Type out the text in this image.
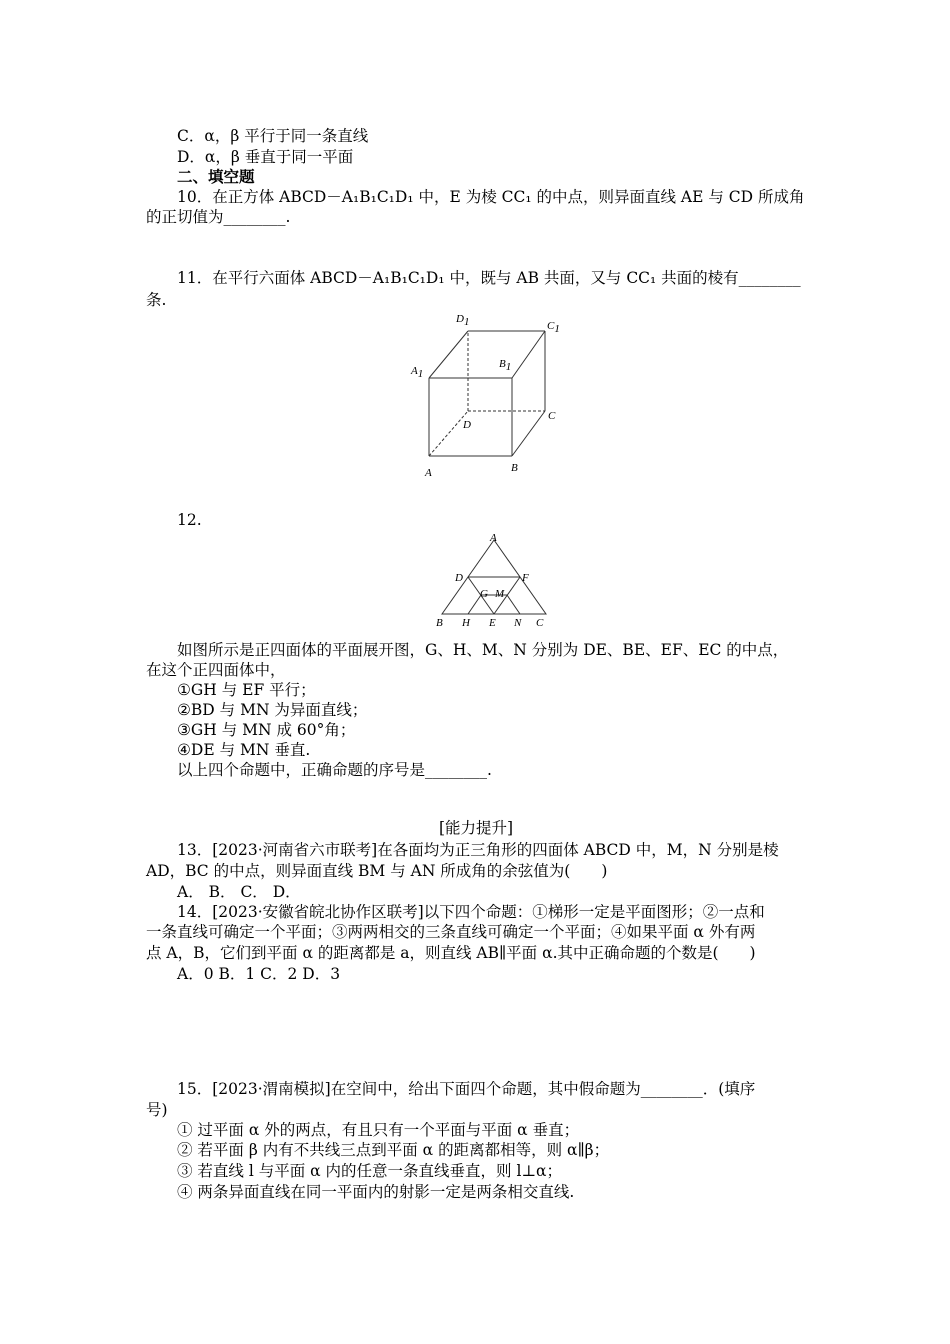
C．α，β 平行于同一条直线
D．α，β 垂直于同一平面
二、填空题
10．在正方体 ABCD－A₁B₁C₁D₁ 中，E 为棱 CC₁ 的中点，则异面直线 AE 与 CD 所成角
的正切值为________.
11．在平行六面体 ABCD－A₁B₁C₁D₁ 中，既与 AB 共面，又与 CC₁ 共面的棱有________
条.
D1	C1
A1
B1
C
D
A	B
12.
A
D	F
G M
B H E N C
如图所示是正四面体的平面展开图，G、H、M、N 分别为 DE、BE、EF、EC 的中点，
在这个正四面体中，
①GH 与 EF 平行；
②BD 与 MN 为异面直线；
③GH 与 MN 成 60°角；
④DE 与 MN 垂直.
以上四个命题中，正确命题的序号是________.
[能力提升]
13．[2023·河南省六市联考]在各面均为正三角形的四面体 ABCD 中，M，N 分别是棱
AD，BC 的中点，则异面直线 BM 与 AN 所成角的余弦值为(　　)
A． B． C． D．
14．[2023·安徽省皖北协作区联考]以下四个命题：①梯形一定是平面图形；②一点和
一条直线可确定一个平面；③两两相交的三条直线可确定一个平面；④如果平面 α 外有两
点 A，B，它们到平面 α 的距离都是 a，则直线 AB∥平面 α.其中正确命题的个数是(　　)
A．0 B．1 C．2 D．3
15．[2023·渭南模拟]在空间中，给出下面四个命题，其中假命题为________．(填序
号)
① 过平面 α 外的两点，有且只有一个平面与平面 α 垂直；
② 若平面 β 内有不共线三点到平面 α 的距离都相等，则 α∥β；
③ 若直线 l 与平面 α 内的任意一条直线垂直，则 l⊥α；
④ 两条异面直线在同一平面内的射影一定是两条相交直线.
